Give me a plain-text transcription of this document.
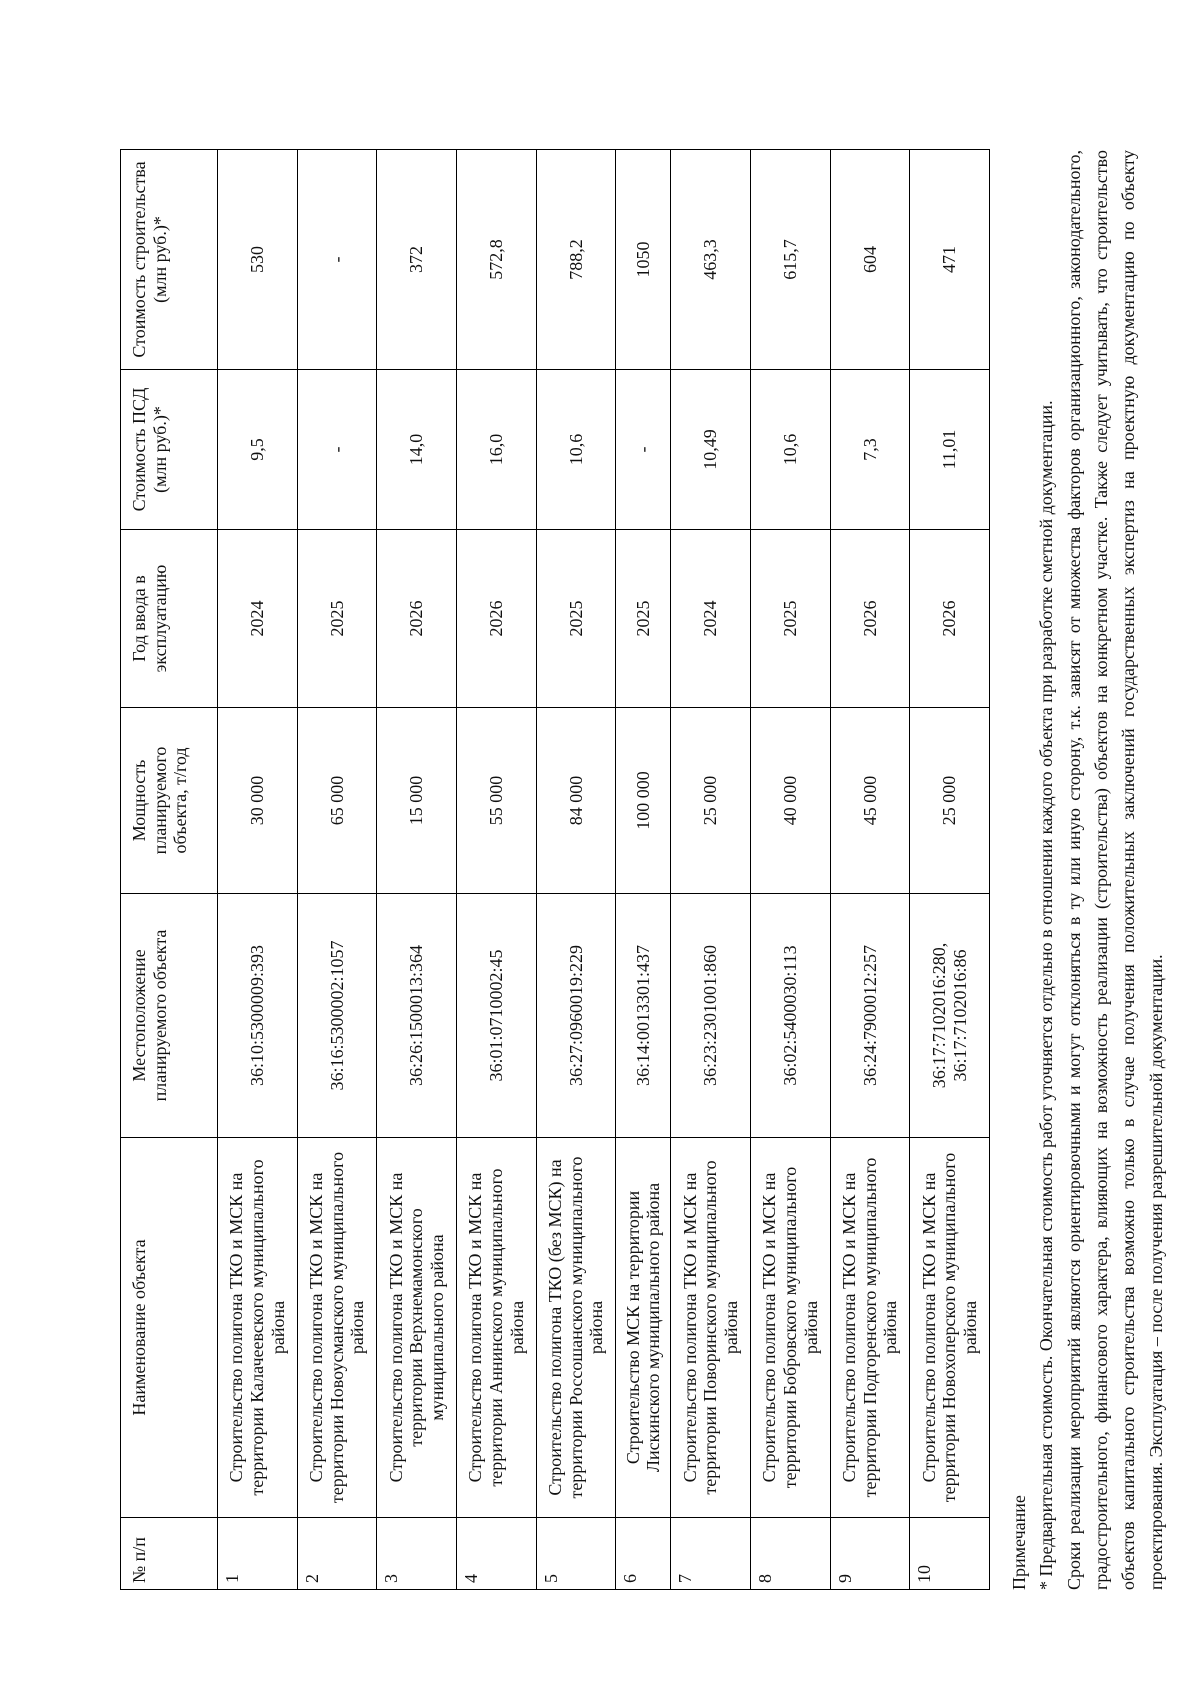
№ п/п	Наименование объекта	Местоположение планируемого объекта	Мощность планируемого объекта, т/год	Год ввода в эксплуатацию	Стоимость ПСД (млн руб.)*	Стоимость строительства (млн руб.)*
1	Строительство полигона ТКО и МСК на территории Калачеевского муниципального района	36:10:5300009:393	30 000	2024	9,5	530
2	Строительство полигона ТКО и МСК на территории Новоусманского муниципального района	36:16:5300002:1057	65 000	2025	-	-
3	Строительство полигона ТКО и МСК на территории Верхнемамонского муниципального района	36:26:1500013:364	15 000	2026	14,0	372
4	Строительство полигона ТКО и МСК на территории Аннинского муниципального района	36:01:0710002:45	55 000	2026	16,0	572,8
5	Строительство полигона ТКО (без МСК) на территории Россошанского муниципального района	36:27:0960019:229	84 000	2025	10,6	788,2
6	Строительство МСК на территории Лискинского муниципального района	36:14:0013301:437	100 000	2025	-	1050
7	Строительство полигона ТКО и МСК на территории Поворинского муниципального района	36:23:2301001:860	25 000	2024	10,49	463,3
8	Строительство полигона ТКО и МСК на территории Бобровского муниципального района	36:02:5400030:113	40 000	2025	10,6	615,7
9	Строительство полигона ТКО и МСК на территории Подгоренского муниципального района	36:24:7900012:257	45 000	2026	7,3	604
10	Строительство полигона ТКО и МСК на территории Новохоперского муниципального района	36:17:7102016:280, 36:17:7102016:86	25 000	2026	11,01	471

Примечание * Предварительная стоимость. Окончательная стоимость работ уточняется отдельно в отношении каждого объекта при разработке сметной документации. Сроки реализации мероприятий являются ориентировочными и могут отклоняться в ту или иную сторону, т.к. зависят от множества факторов организационного, законодательного, градостроительного, финансового характера, влияющих на возможность реализации (строительства) объектов на конкретном участке. Также следует учитывать, что строительство объектов капитального строительства возможно только в случае получения положительных заключений государственных экспертиз на проектную документацию по объекту проектирования. Эксплуатация – после получения разрешительной документации.
